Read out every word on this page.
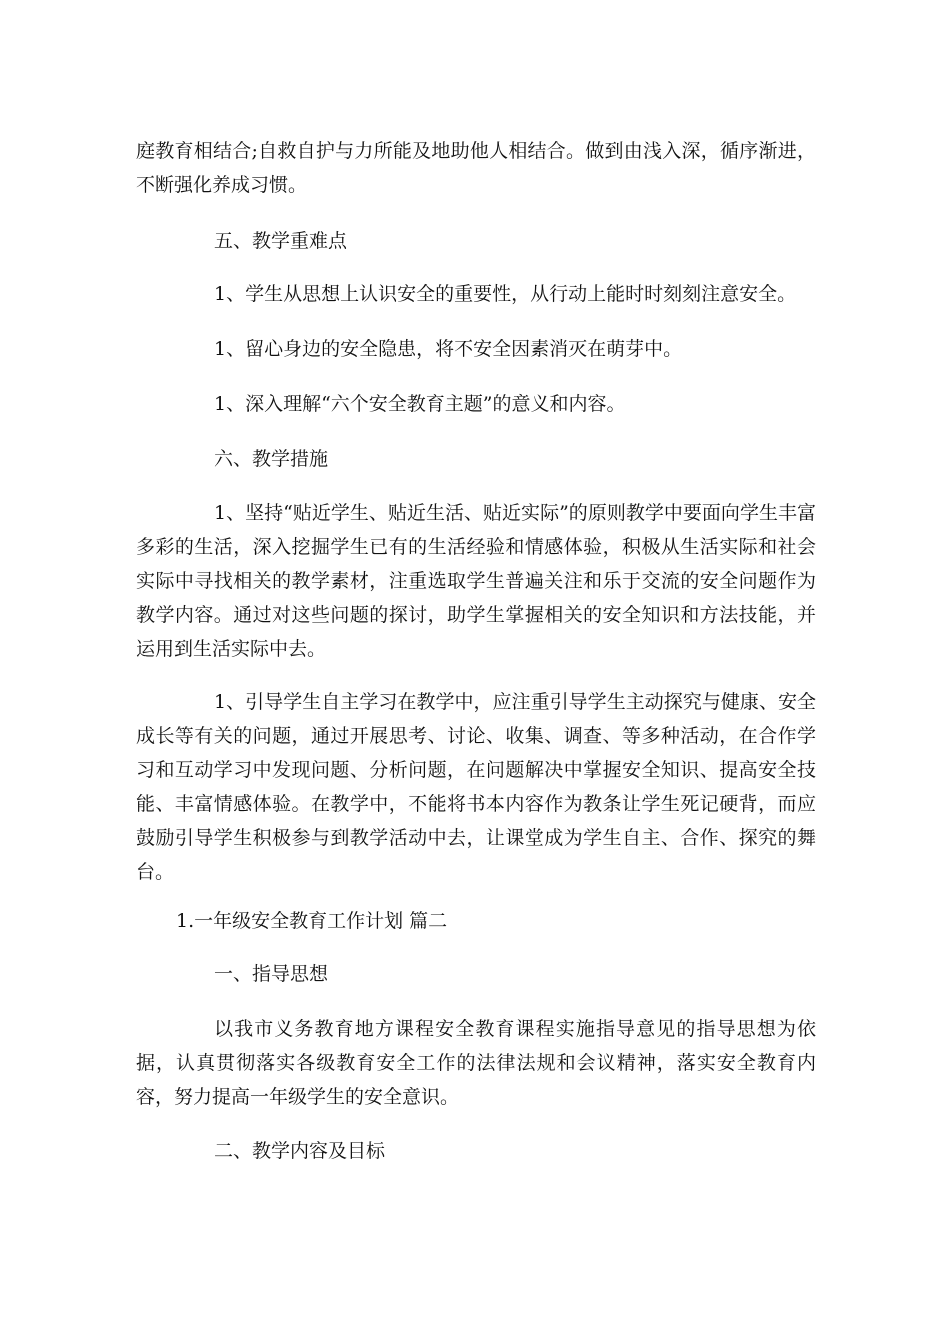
庭教育相结合;自救自护与力所能及地助他人相结合。做到由浅入深，循序渐进，不断强化养成习惯。

五、教学重难点

1、学生从思想上认识安全的重要性，从行动上能时时刻刻注意安全。

1、留心身边的安全隐患，将不安全因素消灭在萌芽中。

1、深入理解“六个安全教育主题”的意义和内容。

六、教学措施

1、坚持“贴近学生、贴近生活、贴近实际”的原则教学中要面向学生丰富多彩的生活，深入挖掘学生已有的生活经验和情感体验，积极从生活实际和社会实际中寻找相关的教学素材，注重选取学生普遍关注和乐于交流的安全问题作为教学内容。通过对这些问题的探讨，助学生掌握相关的安全知识和方法技能，并运用到生活实际中去。

1、引导学生自主学习在教学中，应注重引导学生主动探究与健康、安全成长等有关的问题，通过开展思考、讨论、收集、调查、等多种活动，在合作学习和互动学习中发现问题、分析问题，在问题解决中掌握安全知识、提高安全技能、丰富情感体验。在教学中，不能将书本内容作为教条让学生死记硬背，而应鼓励引导学生积极参与到教学活动中去，让课堂成为学生自主、合作、探究的舞台。

1.一年级安全教育工作计划 篇二

一、指导思想

以我市义务教育地方课程安全教育课程实施指导意见的指导思想为依据，认真贯彻落实各级教育安全工作的法律法规和会议精神，落实安全教育内容，努力提高一年级学生的安全意识。

二、教学内容及目标
